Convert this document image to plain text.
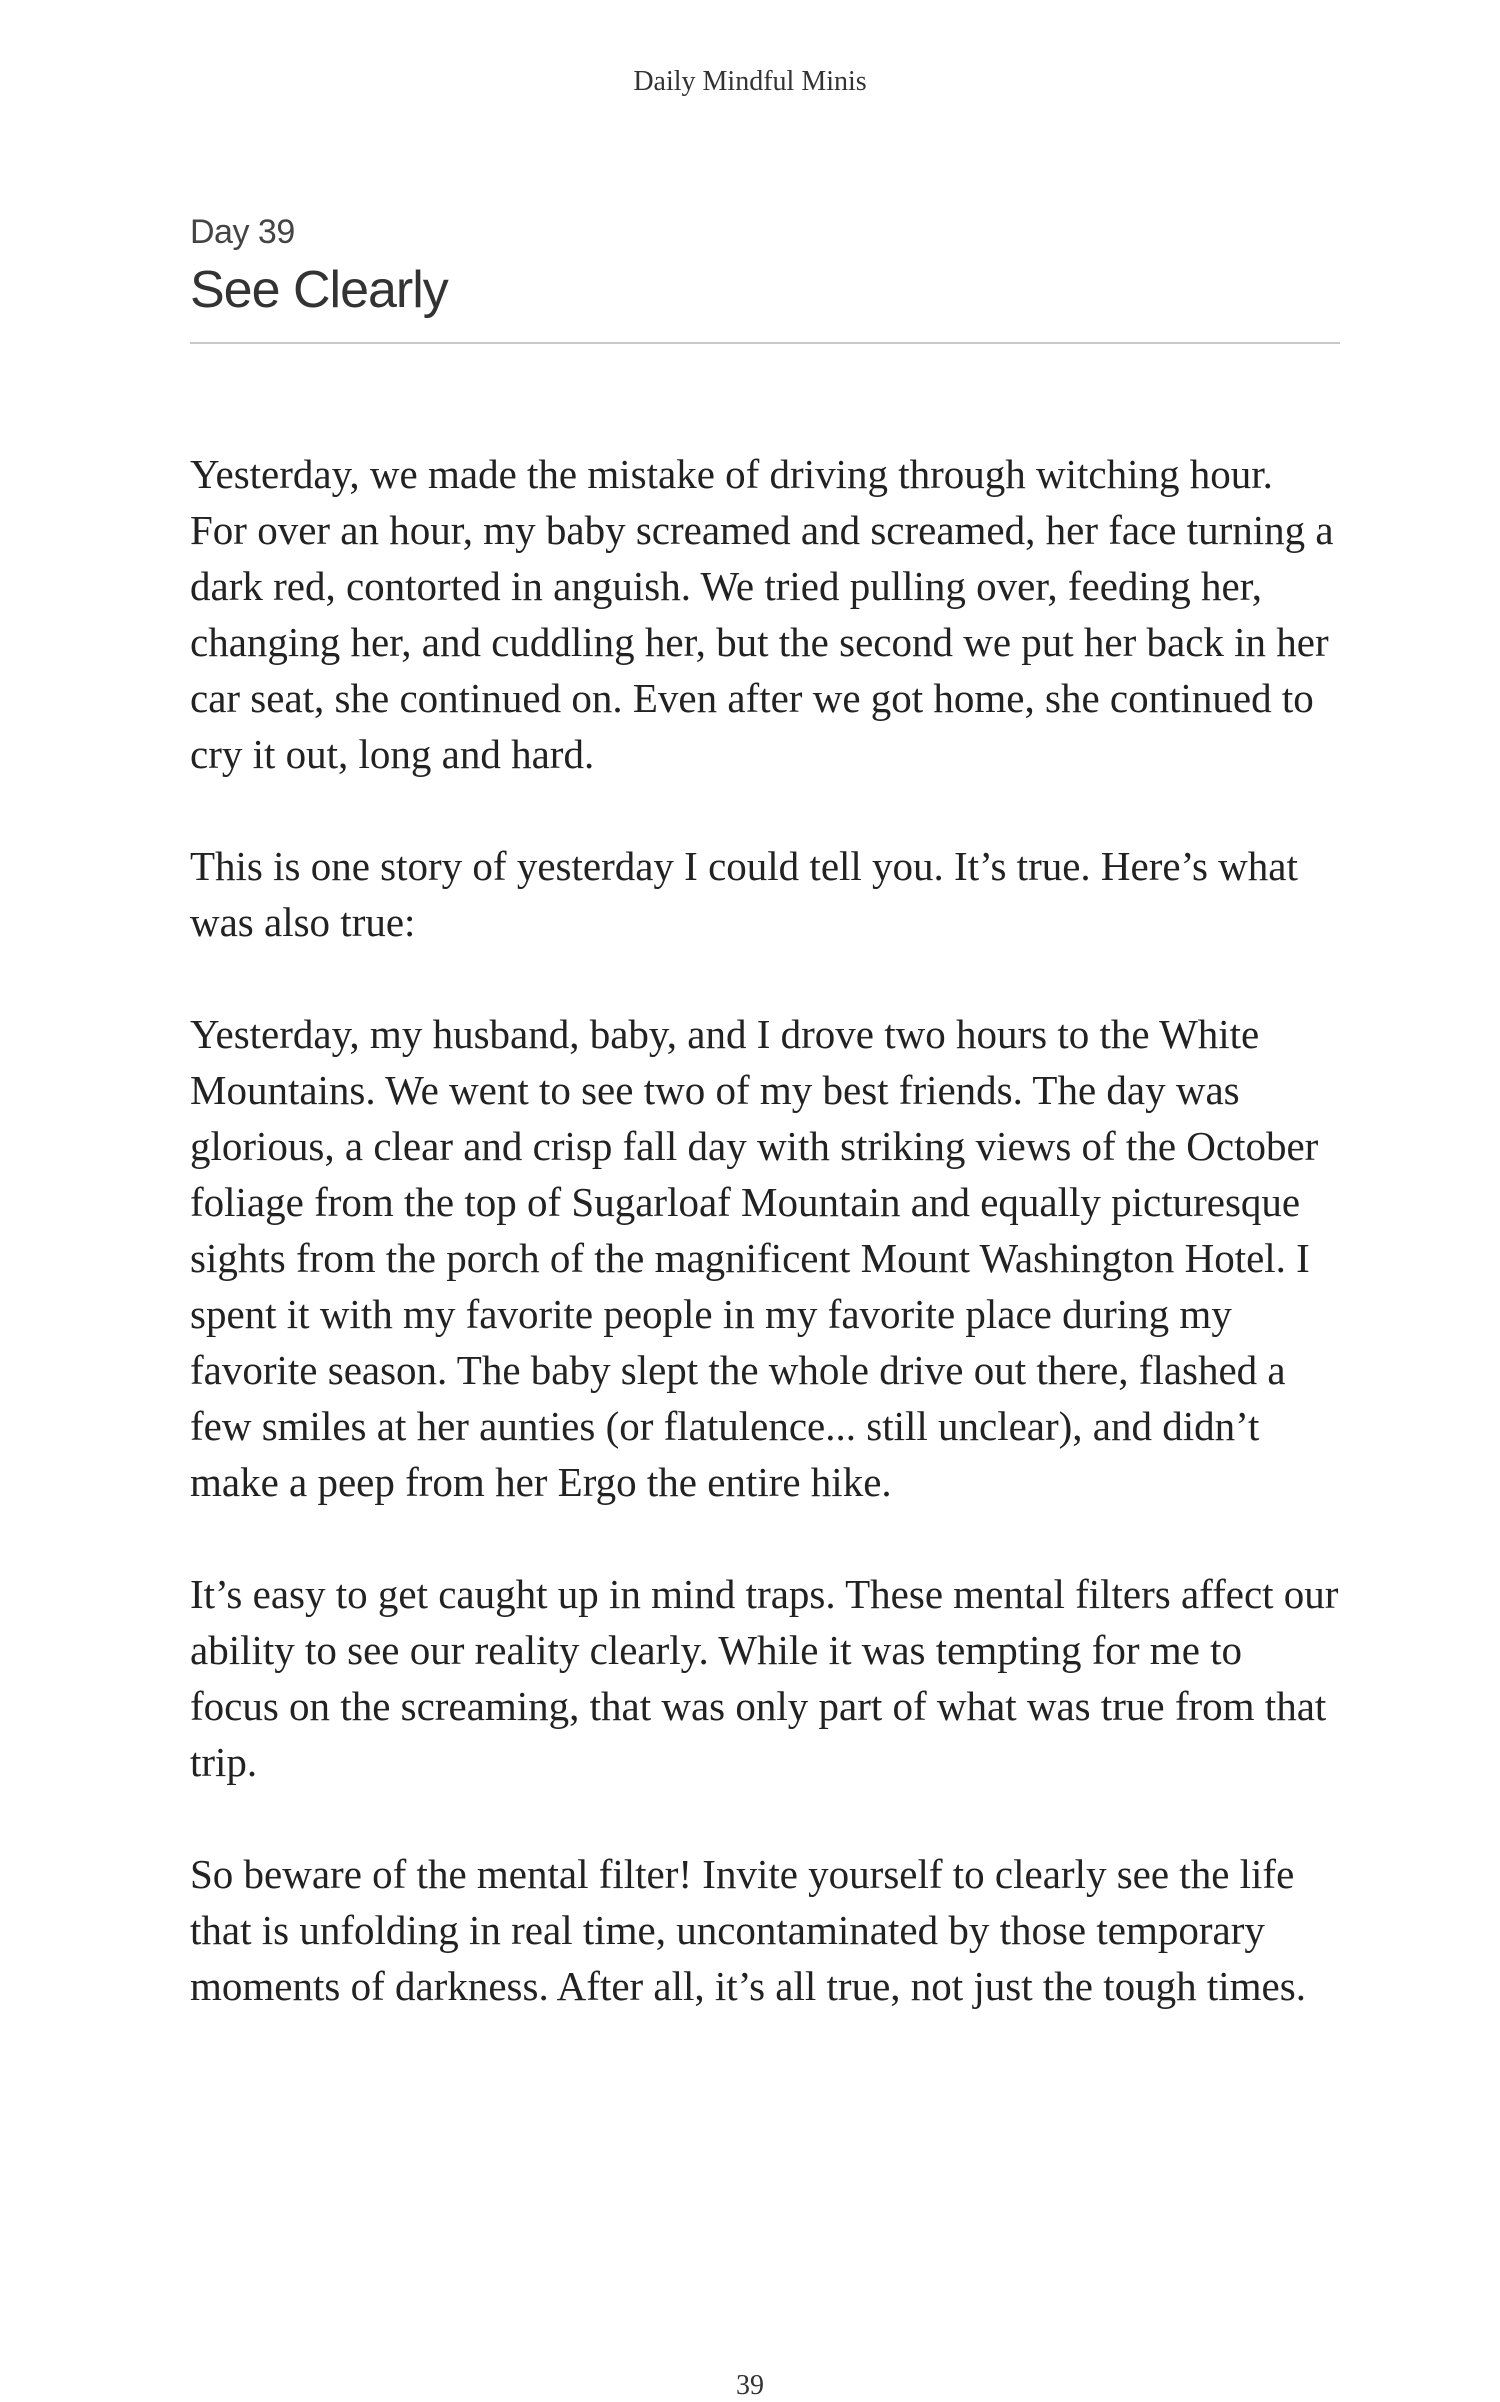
Daily Mindful Minis
Day 39
See Clearly

Yesterday, we made the mistake of driving through witching hour. For over an hour, my baby screamed and screamed, her face turning a dark red, contorted in anguish. We tried pulling over, feeding her, changing her, and cuddling her, but the second we put her back in her car seat, she continued on. Even after we got home, she continued to cry it out, long and hard.

This is one story of yesterday I could tell you. It’s true. Here’s what was also true:

Yesterday, my husband, baby, and I drove two hours to the White Mountains. We went to see two of my best friends. The day was glorious, a clear and crisp fall day with striking views of the October foliage from the top of Sugarloaf Mountain and equally picturesque sights from the porch of the magnificent Mount Washington Hotel. I spent it with my favorite people in my favorite place during my favorite season. The baby slept the whole drive out there, flashed a few smiles at her aunties (or flatulence... still unclear), and didn’t make a peep from her Ergo the entire hike.

It’s easy to get caught up in mind traps. These mental filters affect our ability to see our reality clearly. While it was tempting for me to focus on the screaming, that was only part of what was true from that trip.

So beware of the mental filter! Invite yourself to clearly see the life that is unfolding in real time, uncontaminated by those temporary moments of darkness. After all, it’s all true, not just the tough times.

39
